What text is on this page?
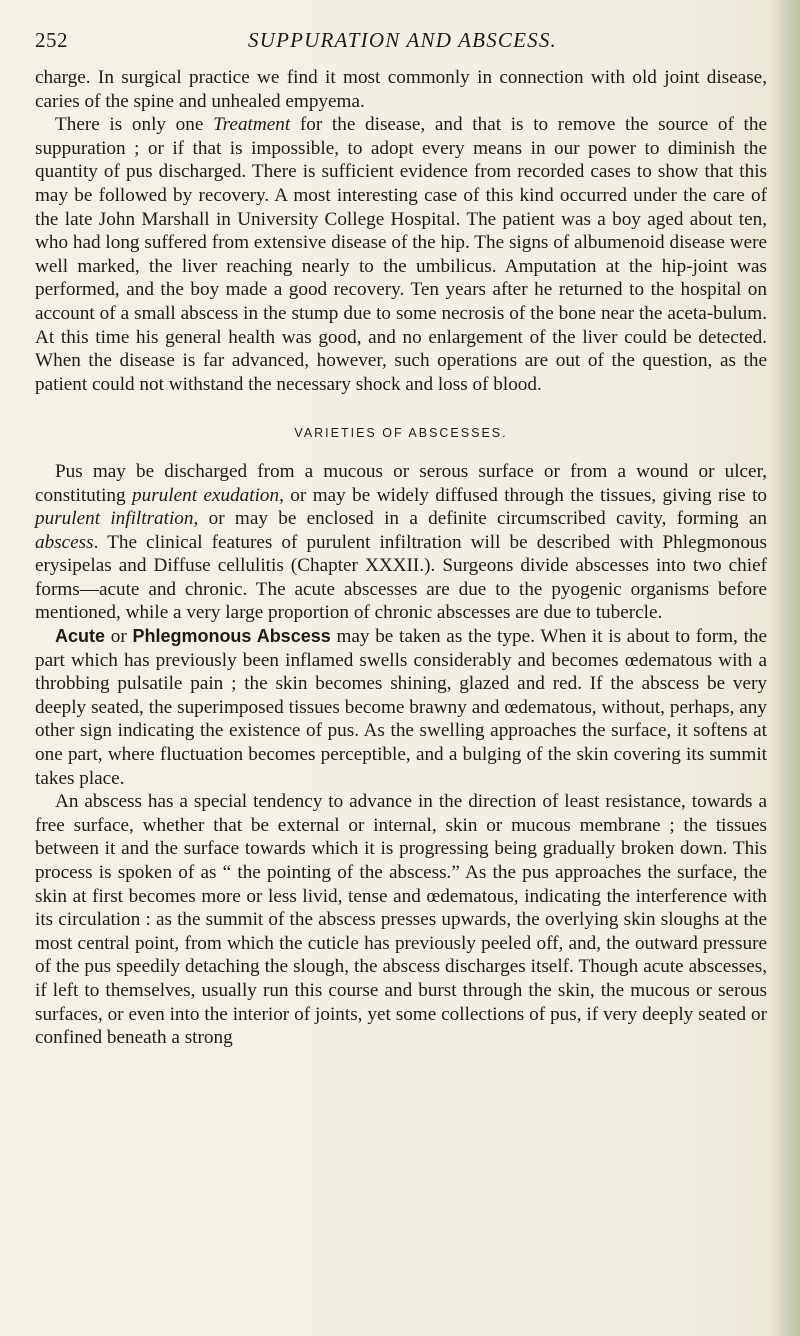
252	SUPPURATION AND ABSCESS.

charge. In surgical practice we find it most commonly in connection with old joint disease, caries of the spine and unhealed empyema.

There is only one Treatment for the disease, and that is to remove the source of the suppuration ; or if that is impossible, to adopt every means in our power to diminish the quantity of pus discharged. There is sufficient evidence from recorded cases to show that this may be followed by recovery. A most interesting case of this kind occurred under the care of the late John Marshall in University College Hospital. The patient was a boy aged about ten, who had long suffered from extensive disease of the hip. The signs of albumenoid disease were well marked, the liver reaching nearly to the umbilicus. Amputation at the hip-joint was performed, and the boy made a good recovery. Ten years after he returned to the hospital on account of a small abscess in the stump due to some necrosis of the bone near the aceta-bulum. At this time his general health was good, and no enlargement of the liver could be detected. When the disease is far advanced, however, such operations are out of the question, as the patient could not withstand the necessary shock and loss of blood.

VARIETIES OF ABSCESSES.

Pus may be discharged from a mucous or serous surface or from a wound or ulcer, constituting purulent exudation, or may be widely diffused through the tissues, giving rise to purulent infiltration, or may be enclosed in a definite circumscribed cavity, forming an abscess. The clinical features of purulent infiltration will be described with Phlegmonous erysipelas and Diffuse cellulitis (Chapter XXXII.). Surgeons divide abscesses into two chief forms—acute and chronic. The acute abscesses are due to the pyogenic organisms before mentioned, while a very large proportion of chronic abscesses are due to tubercle.

Acute or Phlegmonous Abscess may be taken as the type. When it is about to form, the part which has previously been inflamed swells considerably and becomes œdematous with a throbbing pulsatile pain ; the skin becomes shining, glazed and red. If the abscess be very deeply seated, the superimposed tissues become brawny and œdematous, without, perhaps, any other sign indicating the existence of pus. As the swelling approaches the surface, it softens at one part, where fluctuation becomes perceptible, and a bulging of the skin covering its summit takes place.

An abscess has a special tendency to advance in the direction of least resistance, towards a free surface, whether that be external or internal, skin or mucous membrane ; the tissues between it and the surface towards which it is progressing being gradually broken down. This process is spoken of as “ the pointing of the abscess.” As the pus approaches the surface, the skin at first becomes more or less livid, tense and œdematous, indicating the interference with its circulation : as the summit of the abscess presses upwards, the overlying skin sloughs at the most central point, from which the cuticle has previously peeled off, and, the outward pressure of the pus speedily detaching the slough, the abscess discharges itself. Though acute abscesses, if left to themselves, usually run this course and burst through the skin, the mucous or serous surfaces, or even into the interior of joints, yet some collections of pus, if very deeply seated or confined beneath a strong
